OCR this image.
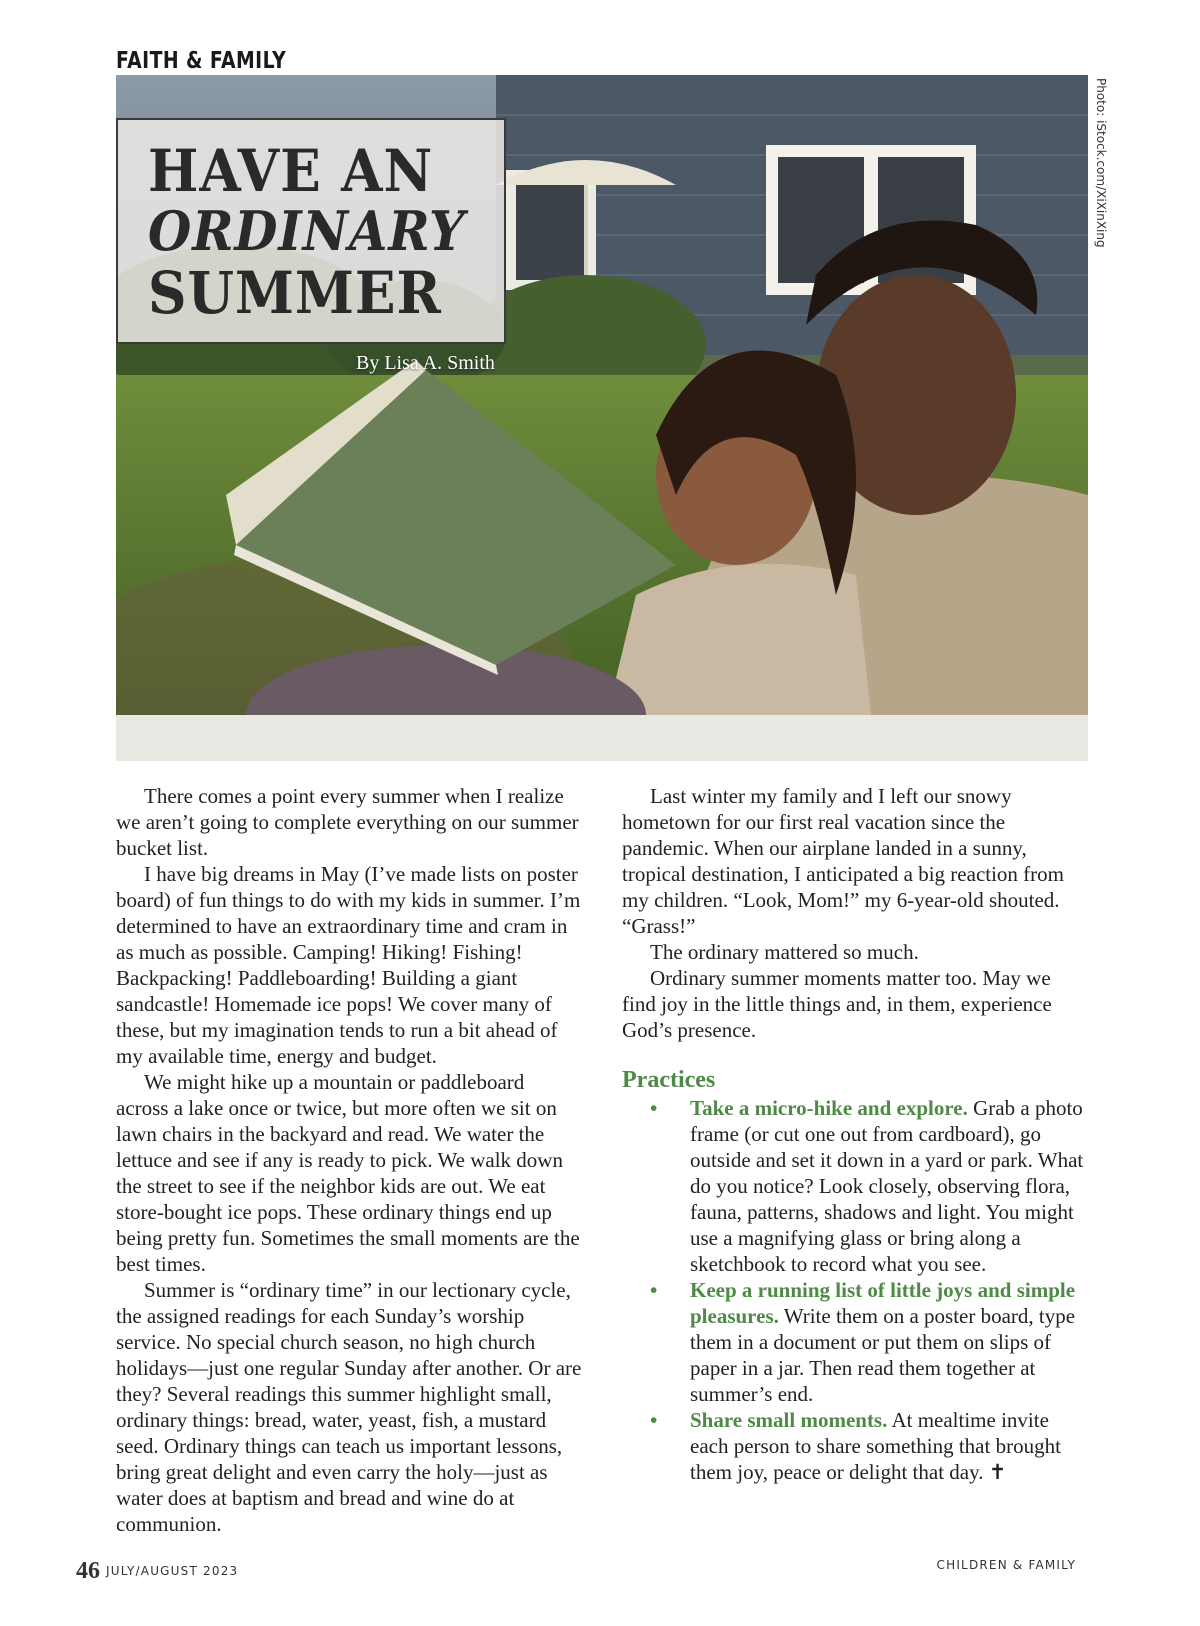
FAITH & FAMILY
Photo: iStock.com/XiXinXing
HAVE AN
ORDINARY
SUMMER
By Lisa A. Smith

There comes a point every summer when I realize we aren’t going to complete everything on our summer bucket list.

I have big dreams in May (I’ve made lists on poster board) of fun things to do with my kids in summer. I’m determined to have an extraordinary time and cram in as much as possible. Camping! Hiking! Fishing! Backpacking! Paddleboarding! Building a giant sandcastle! Homemade ice pops! We cover many of these, but my imagination tends to run a bit ahead of my available time, energy and budget.

We might hike up a mountain or paddleboard across a lake once or twice, but more often we sit on lawn chairs in the backyard and read. We water the lettuce and see if any is ready to pick. We walk down the street to see if the neighbor kids are out. We eat store-bought ice pops. These ordinary things end up being pretty fun. Sometimes the small moments are the best times.

Summer is “ordinary time” in our lectionary cycle, the assigned readings for each Sunday’s worship service. No special church season, no high church holidays—just one regular Sunday after another. Or are they? Several readings this summer highlight small, ordinary things: bread, water, yeast, fish, a mustard seed. Ordinary things can teach us important lessons, bring great delight and even carry the holy—just as water does at baptism and bread and wine do at communion.

Last winter my family and I left our snowy hometown for our first real vacation since the pandemic. When our airplane landed in a sunny, tropical destination, I anticipated a big reaction from my children. “Look, Mom!” my 6-year-old shouted. “Grass!”

The ordinary mattered so much.

Ordinary summer moments matter too. May we find joy in the little things and, in them, experience God’s presence.

Practices
• Take a micro-hike and explore. Grab a photo frame (or cut one out from cardboard), go outside and set it down in a yard or park. What do you notice? Look closely, observing flora, fauna, patterns, shadows and light. You might use a magnifying glass or bring along a sketchbook to record what you see.
• Keep a running list of little joys and simple pleasures. Write them on a poster board, type them in a document or put them on slips of paper in a jar. Then read them together at summer’s end.
• Share small moments. At mealtime invite each person to share something that brought them joy, peace or delight that day. ✝
46 JULY/AUGUST 2023	CHILDREN & FAMILY
